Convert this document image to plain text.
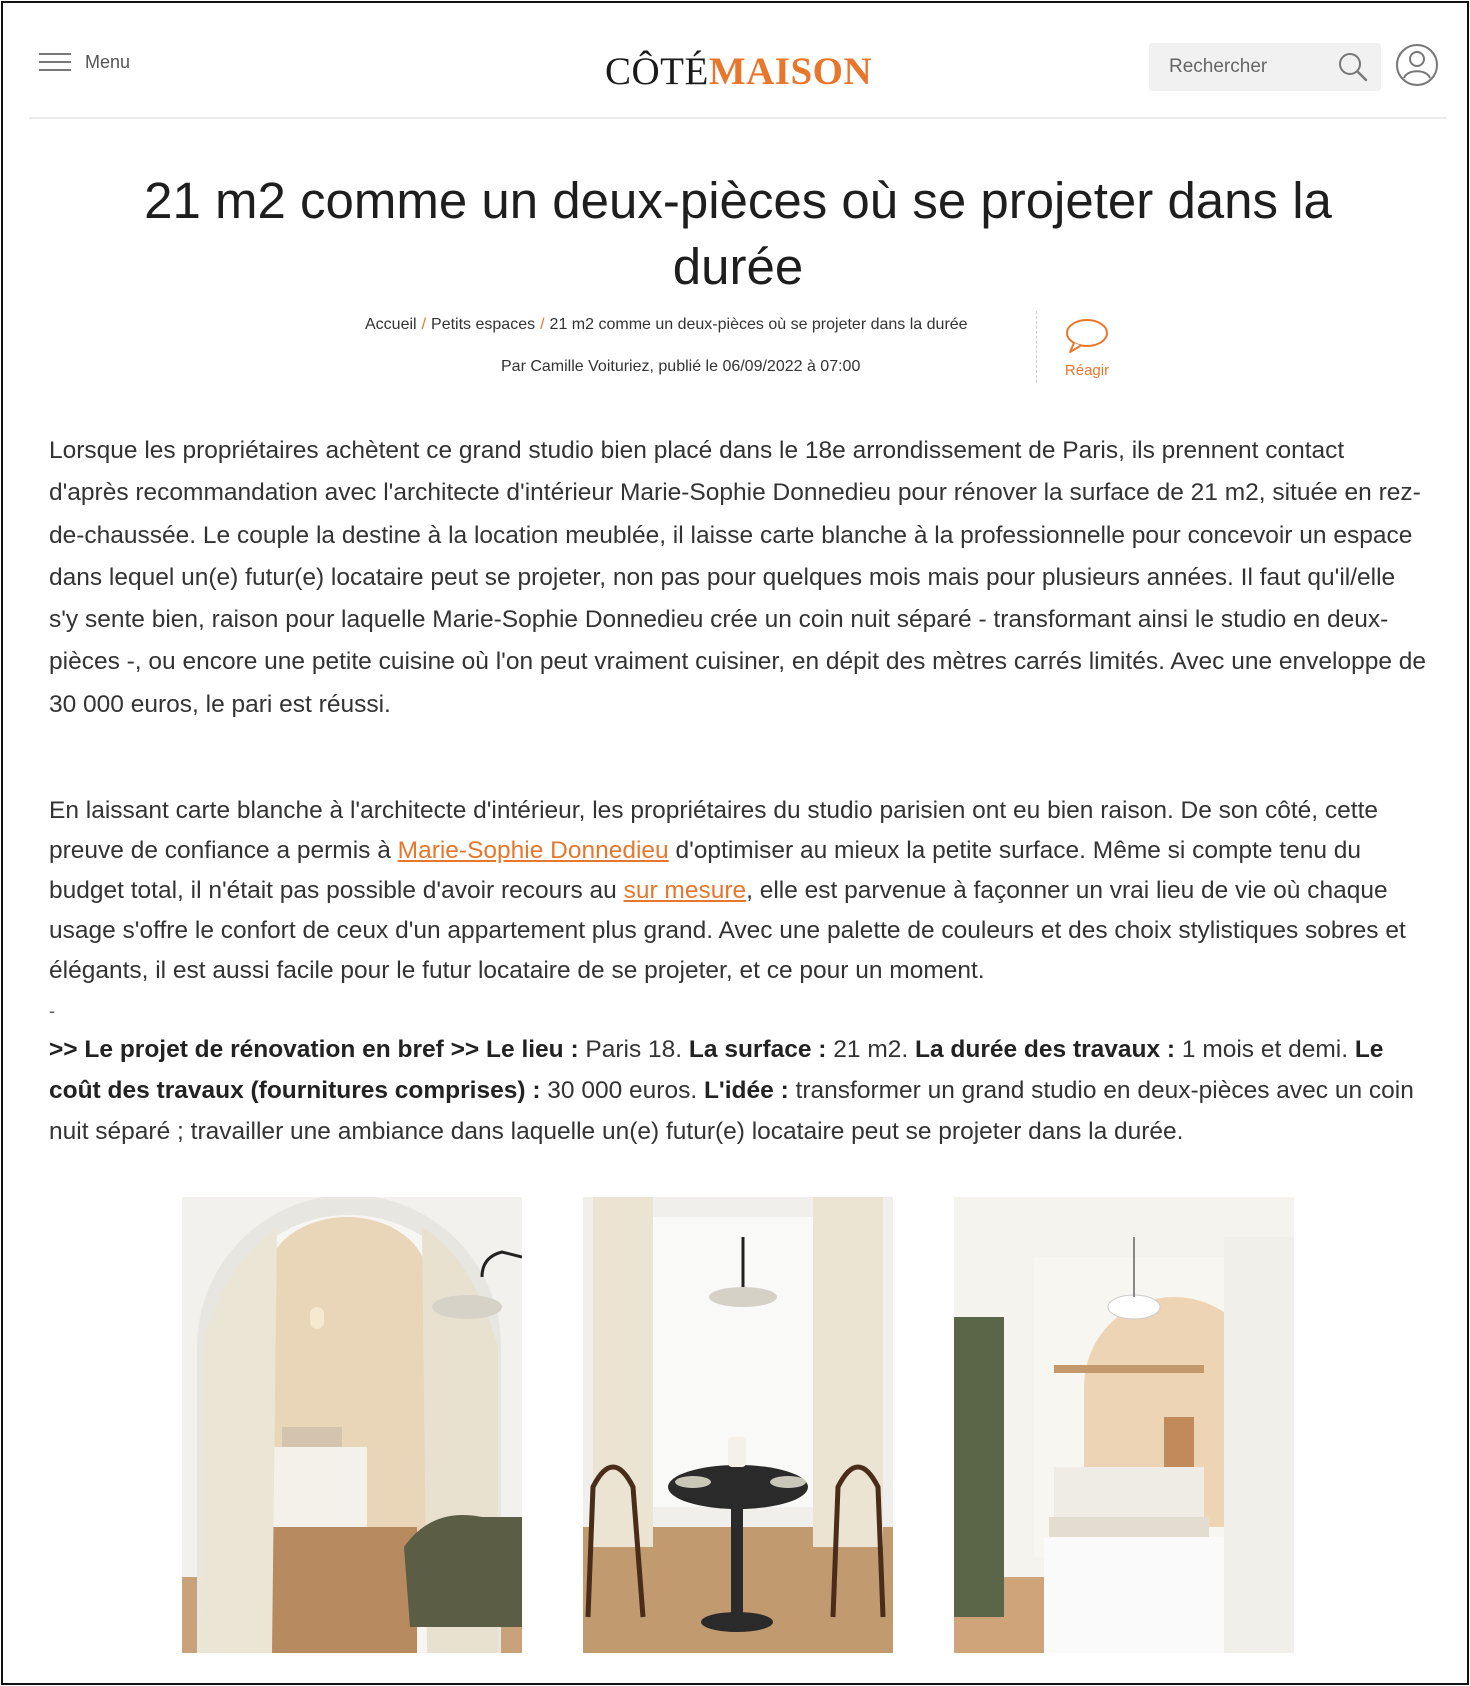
Menu	CÔTÉMAISON
Rechercher
21 m2 comme un deux-pièces où se projeter dans la durée
Accueil / Petits espaces / 21 m2 comme un deux-pièces où se projeter dans la durée
Par Camille Voituriez, publié le 06/09/2022 à 07:00	Réagir

Lorsque les propriétaires achètent ce grand studio bien placé dans le 18e arrondissement de Paris, ils prennent contact d'après recommandation avec l'architecte d'intérieur Marie-Sophie Donnedieu pour rénover la surface de 21 m2, située en rez-de-chaussée. Le couple la destine à la location meublée, il laisse carte blanche à la professionnelle pour concevoir un espace dans lequel un(e) futur(e) locataire peut se projeter, non pas pour quelques mois mais pour plusieurs années. Il faut qu'il/elle s'y sente bien, raison pour laquelle Marie-Sophie Donnedieu crée un coin nuit séparé - transformant ainsi le studio en deux-pièces -, ou encore une petite cuisine où l'on peut vraiment cuisiner, en dépit des mètres carrés limités. Avec une enveloppe de 30 000 euros, le pari est réussi.

En laissant carte blanche à l'architecte d'intérieur, les propriétaires du studio parisien ont eu bien raison. De son côté, cette preuve de confiance a permis à Marie-Sophie Donnedieu d'optimiser au mieux la petite surface. Même si compte tenu du budget total, il n'était pas possible d'avoir recours au sur mesure, elle est parvenue à façonner un vrai lieu de vie où chaque usage s'offre le confort de ceux d'un appartement plus grand. Avec une palette de couleurs et des choix stylistiques sobres et élégants, il est aussi facile pour le futur locataire de se projeter, et ce pour un moment.

-

>> Le projet de rénovation en bref >> Le lieu : Paris 18. La surface : 21 m2. La durée des travaux : 1 mois et demi. Le coût des travaux (fournitures comprises) : 30 000 euros. L'idée : transformer un grand studio en deux-pièces avec un coin nuit séparé ; travailler une ambiance dans laquelle un(e) futur(e) locataire peut se projeter dans la durée.
